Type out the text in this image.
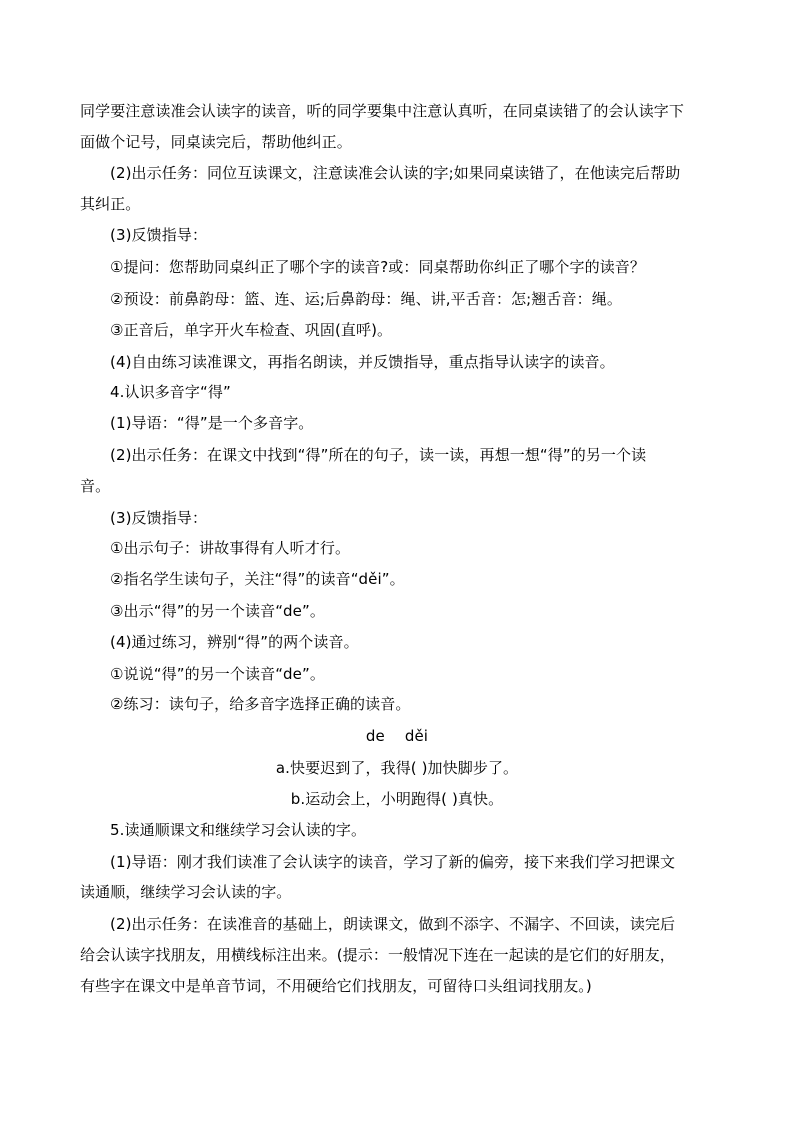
同学要注意读准会认读字的读音，听的同学要集中注意认真听，在同桌读错了的会认读字下
面做个记号，同桌读完后，帮助他纠正。
(2)出示任务：同位互读课文，注意读准会认读的字;如果同桌读错了，在他读完后帮助
其纠正。
(3)反馈指导：
①提问：您帮助同桌纠正了哪个字的读音?或：同桌帮助你纠正了哪个字的读音？
②预设：前鼻韵母：篮、连、运;后鼻韵母：绳、讲,平舌音：怎;翘舌音：绳。
③正音后，单字开火车检查、巩固(直呼)。
(4)自由练习读准课文，再指名朗读，并反馈指导，重点指导认读字的读音。
4.认识多音字“得”
(1)导语：“得”是一个多音字。
(2)出示任务：在课文中找到“得”所在的句子，读一读，再想一想“得”的另一个读
音。
(3)反馈指导：
①出示句子：讲故事得有人听才行。
②指名学生读句子，关注“得”的读音“děi”。
③出示“得”的另一个读音“de”。
(4)通过练习，辨别“得”的两个读音。
①说说“得”的另一个读音“de”。
②练习：读句子，给多音字选择正确的读音。
de　 děi
a.快要迟到了，我得( )加快脚步了。
b.运动会上，小明跑得( )真快。
5.读通顺课文和继续学习会认读的字。
(1)导语：刚才我们读准了会认读字的读音，学习了新的偏旁，接下来我们学习把课文
读通顺，继续学习会认读的字。
(2)出示任务：在读准音的基础上，朗读课文，做到不添字、不漏字、不回读，读完后
给会认读字找朋友，用横线标注出来。(提示：一般情况下连在一起读的是它们的好朋友，
有些字在课文中是单音节词，不用硬给它们找朋友，可留待口头组词找朋友。)
